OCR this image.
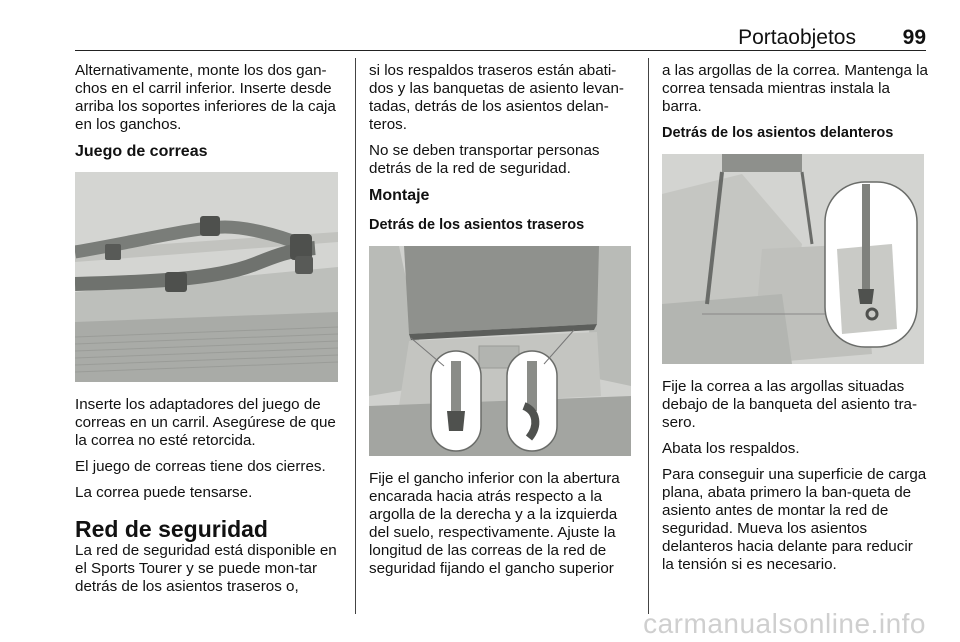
Portaobjetos 99

Alternativamente, monte los dos gan-chos en el carril inferior. Inserte desde arriba los soportes inferiores de la caja en los ganchos.

Juego de correas

Inserte los adaptadores del juego de correas en un carril. Asegúrese de que la correa no esté retorcida.

El juego de correas tiene dos cierres.

La correa puede tensarse.

Red de seguridad

La red de seguridad está disponible en el Sports Tourer y se puede mon-tar detrás de los asientos traseros o,

si los respaldos traseros están abati-dos y las banquetas de asiento levan-tadas, detrás de los asientos delan-teros.

No se deben transportar personas detrás de la red de seguridad.

Montaje
Detrás de los asientos traseros

Fije el gancho inferior con la abertura encarada hacia atrás respecto a la argolla de la derecha y a la izquierda del suelo, respectivamente. Ajuste la longitud de las correas de la red de seguridad fijando el gancho superior

a las argollas de la correa. Mantenga la correa tensada mientras instala la barra.

Detrás de los asientos delanteros

Fije la correa a las argollas situadas debajo de la banqueta del asiento tra-sero.

Abata los respaldos.

Para conseguir una superficie de carga plana, abata primero la ban-queta de asiento antes de montar la red de seguridad. Mueva los asientos delanteros hacia delante para reducir la tensión si es necesario.

carmanualsonline.info
